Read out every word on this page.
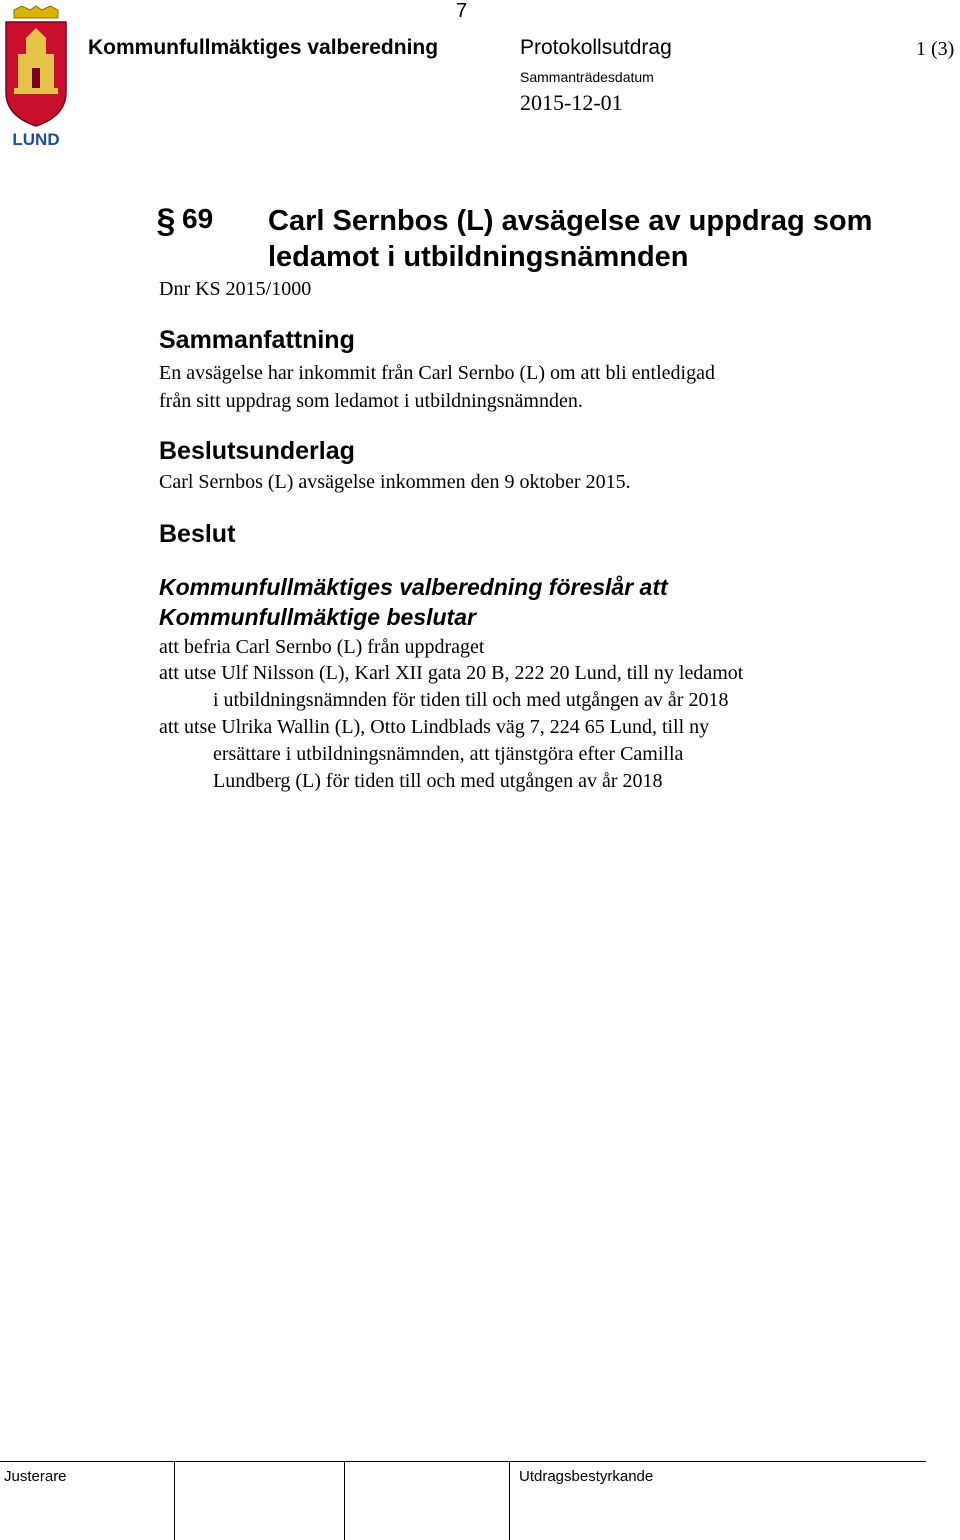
7
LUND
Kommunfullmäktiges valberedning	Protokollsutdrag	1 (3)
Sammanträdesdatum
2015-12-01
§ 69 Carl Sernbos (L) avsägelse av uppdrag som ledamot i utbildningsnämnden
Dnr KS 2015/1000
Sammanfattning
En avsägelse har inkommit från Carl Sernbo (L) om att bli entledigad
från sitt uppdrag som ledamot i utbildningsnämnden.
Beslutsunderlag
Carl Sernbos (L) avsägelse inkommen den 9 oktober 2015.
Beslut
Kommunfullmäktiges valberedning föreslår att
Kommunfullmäktige beslutar
att befria Carl Sernbo (L) från uppdraget
att utse Ulf Nilsson (L), Karl XII gata 20 B, 222 20 Lund, till ny ledamot
i utbildningsnämnden för tiden till och med utgången av år 2018
att utse Ulrika Wallin (L), Otto Lindblads väg 7, 224 65 Lund, till ny
ersättare i utbildningsnämnden, att tjänstgöra efter Camilla
Lundberg (L) för tiden till och med utgången av år 2018
Justerare	Utdragsbestyrkande
